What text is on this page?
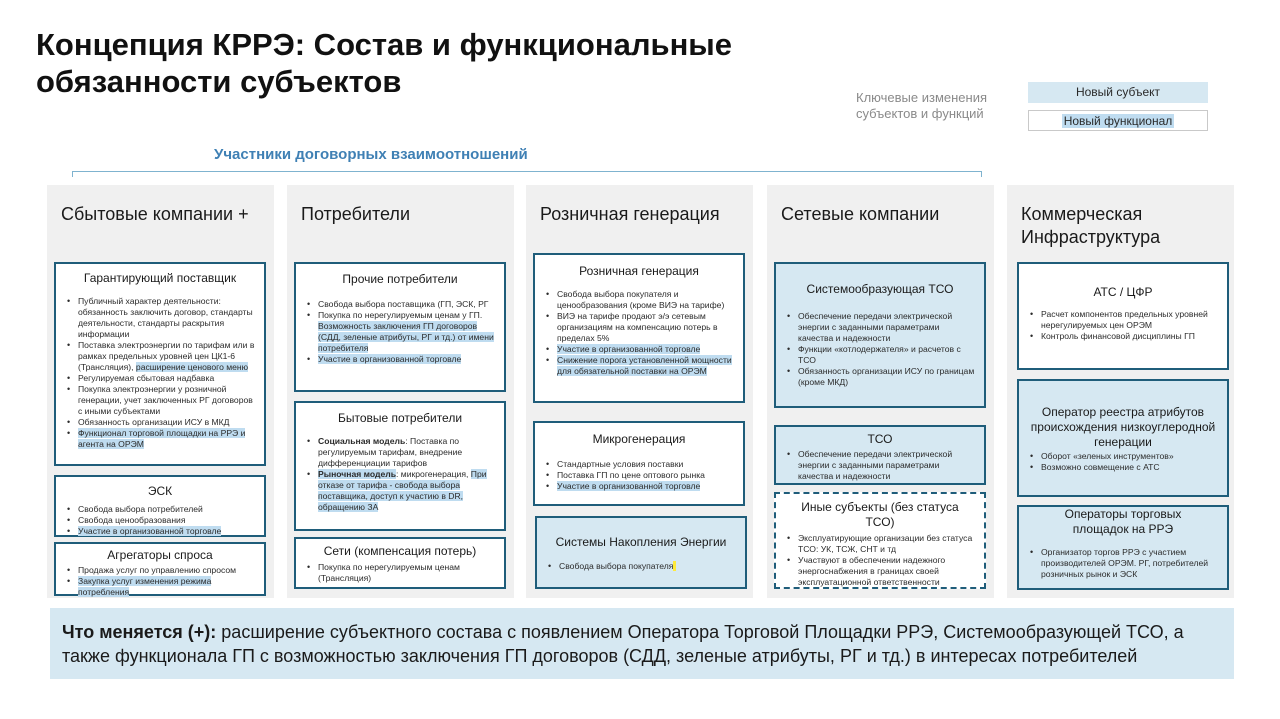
Концепция КРРЭ: Состав и функциональные обязанности субъектов	Ключевые изменения субъектов и функций
Новый субъект
Новый функционал
Участники договорных взаимоотношений
Сбытовые компании +
Гарантирующий поставщик
• Публичный характер деятельности: обязанность заключить договор, стандарты деятельности, стандарты раскрытия информации
• Поставка электроэнергии по тарифам или в рамках предельных уровней цен ЦК1-6 (Трансляция), расширение ценового меню
• Регулируемая сбытовая надбавка
• Покупка электроэнергии у розничной генерации, учет заключенных РГ договоров с иными субъектами
• Обязанность организации ИСУ в МКД
• Функционал торговой площадки на РРЭ и агента на ОРЭМ
ЭСК
• Свобода выбора потребителей
• Свобода ценообразования
• Участие в организованной торговле
Агрегаторы спроса
• Продажа услуг по управлению спросом
• Закупка услуг изменения режима потребления
Потребители
Прочие потребители
• Свобода выбора поставщика (ГП, ЭСК, РГ
• Покупка по нерегулируемым ценам у ГП. Возможность заключения ГП договоров (СДД, зеленые атрибуты, РГ и тд.) от имени потребителя
• Участие в организованной торговле
Бытовые потребители
• Социальная модель: Поставка по регулируемым тарифам, внедрение дифференциации тарифов
• Рыночная модель: микрогенерация, При отказе от тарифа - свобода выбора поставщика, доступ к участию в DR, обращению ЗА
Сети (компенсация потерь)
• Покупка по нерегулируемым ценам (Трансляция)
Розничная генерация
Розничная генерация
• Свобода выбора покупателя и ценообразования (кроме ВИЭ на тарифе)
• ВИЭ на тарифе продают э/э сетевым организациям на компенсацию потерь в пределах 5%
• Участие в организованной торговле
• Снижение порога установленной мощности для обязательной поставки на ОРЭМ
Микрогенерация
• Стандартные условия поставки
• Поставка ГП по цене оптового рынка
• Участие в организованной торговле
Системы Накопления Энергии
• Свобода выбора покупателя
Сетевые компании
Системообразующая ТСО
• Обеспечение передачи электрической энергии с заданными параметрами качества и надежности
• Функции «котлодержателя» и расчетов с ТСО
• Обязанность организации ИСУ по границам (кроме МКД)
ТСО
• Обеспечение передачи электрической энергии с заданными параметрами качества и надежности
Иные субъекты (без статуса ТСО)
• Эксплуатирующие организации без статуса ТСО: УК, ТСЖ, СНТ и тд
• Участвуют в обеспечении надежного энергоснабжения в границах своей эксплуатационной ответственности
Коммерческая Инфраструктура
АТС / ЦФР
• Расчет компонентов предельных уровней нерегулируемых цен ОРЭМ
• Контроль финансовой дисциплины ГП
Оператор реестра атрибутов происхождения низкоуглеродной генерации
• Оборот «зеленых инструментов»
• Возможно совмещение с АТС
Операторы торговых площадок на РРЭ
• Организатор торгов РРЭ с участием производителей ОРЭМ. РГ, потребителей розничных рынок и ЭСК
Что меняется (+): расширение субъектного состава с появлением Оператора Торговой Площадки РРЭ, Системообразующей ТСО, а также функционала ГП с возможностью заключения ГП договоров (СДД, зеленые атрибуты, РГ и тд.) в интересах потребителей
